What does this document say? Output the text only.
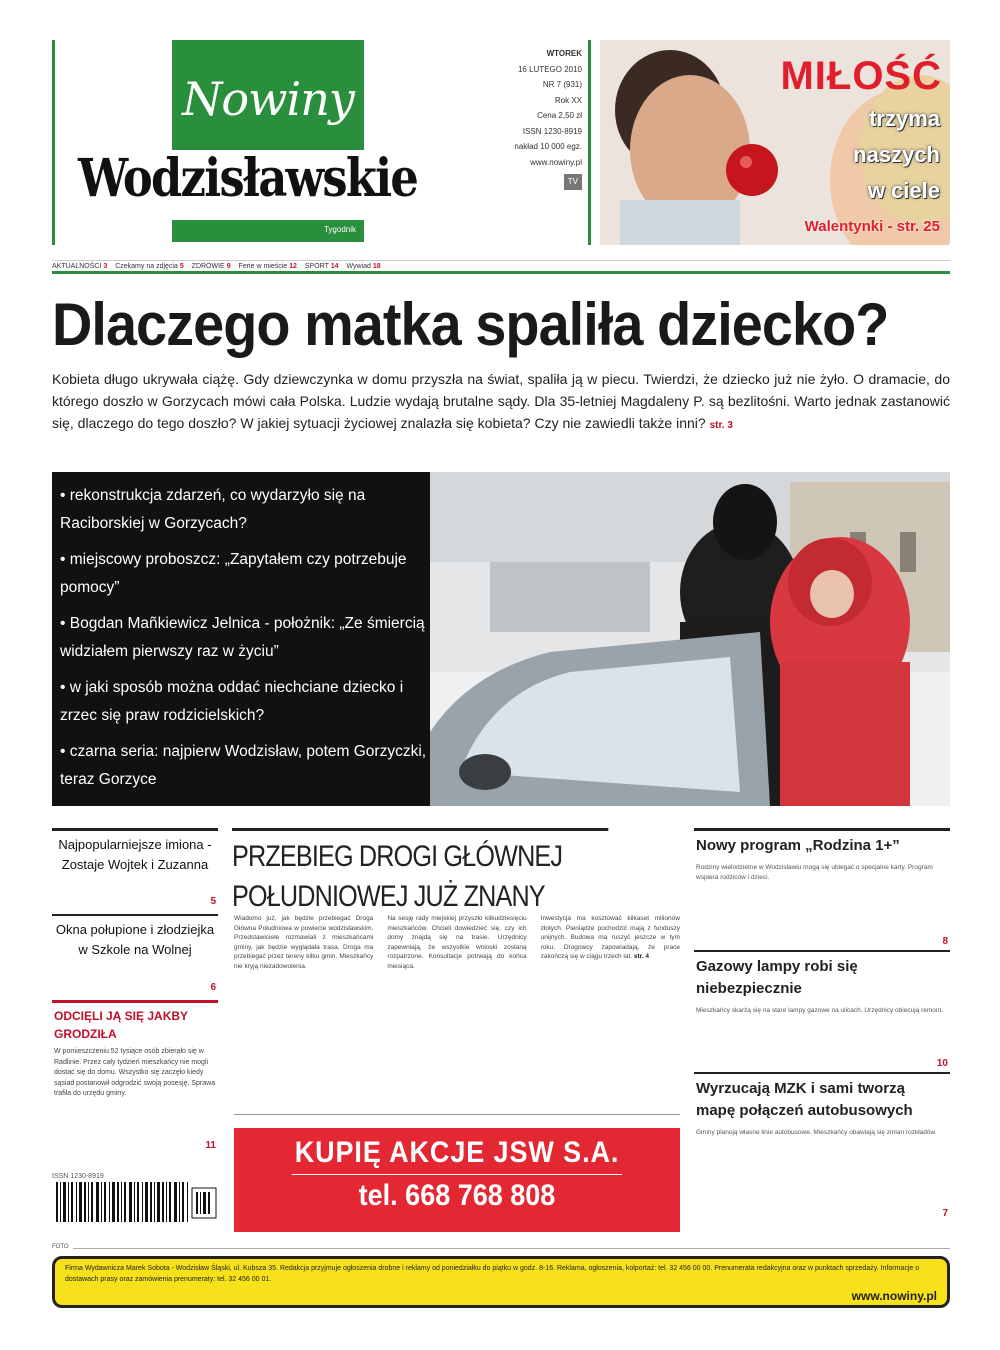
Nowiny
Wodzisławskie
Tygodnik
WTOREK
16 LUTEGO 2010
NR 7 (931)
Rok XX
Cena 2,50 zł
ISSN 1230-8919
nakład 10 000 egz.
www.nowiny.pl
TV
MIŁOŚĆ
trzyma
naszych
w ciele
Walentynki - str. 25
AKTUALNOŚCI 3 Czekamy na zdjęcia 5 ZDROWIE 9 Ferie w mieście 12 SPORT 14 Wywiad 18
Dlaczego matka spaliła dziecko?
Kobieta długo ukrywała ciążę. Gdy dziewczynka w domu przyszła na świat, spaliła ją w piecu. Twierdzi, że dziecko już nie żyło. O dramacie, do którego doszło w Gorzycach mówi cała Polska. Ludzie wydają brutalne sądy. Dla 35-letniej Magdaleny P. są bezlitośni. Warto jednak zastanowić się, dlaczego do tego doszło? W jakiej sytuacji życiowej znalazła się kobieta? Czy nie zawiedli także inni? str. 3
• rekonstrukcja zdarzeń, co wydarzyło się na Raciborskiej w Gorzycach?
• miejscowy proboszcz: „Zapytałem czy potrzebuje pomocy”
• Bogdan Mañkiewicz Jelnica - położnik: „Ze śmiercią widziałem pierwszy raz w życiu”
• w jaki sposób można oddać niechciane dziecko i zrzec się praw rodzicielskich?
• czarna seria: najpierw Wodzisław, potem Gorzyczki, teraz Gorzyce
Najpopularniejsze imiona - Zostaje Wojtek i Zuzanna
5
Okna połupione i złodziejka w Szkole na Wolnej
6
ODCIĘLI JĄ SIĘ JAKBY GRODZIŁA
W pomieszczeniu 52 tysiące osób zbierało się w Radlinie. Przez cały tydzień mieszkańcy nie mogli dostać się do domu. Wszystko się zaczęło kiedy sąsiad postanowił odgrodzić swoją posesję. Sprawa trafiła do urzędu gminy.
11
ISSN 1230-8919
PRZEBIEG DROGI GŁÓWNEJ
POŁUDNIOWEJ JUŻ ZNANY
Wiadomo już, jak będzie przebiegać Droga Główna Południowa w powiecie wodzisławskim. Przedstawiciele rozmawiali z mieszkańcami gminy, jak będzie wyglądała trasa. Droga ma przebiegać przez tereny kilku gmin. Mieszkańcy nie kryją niezadowolenia.
Na sesję rady miejskiej przyszło kilkudziesięciu mieszkańców. Chcieli dowiedzieć się, czy ich domy znajdą się na trasie. Urzędnicy zapewniają, że wszystkie wnioski zostaną rozpatrzone. Konsultacje potrwają do końca miesiąca.
Inwestycja ma kosztować kilkaset milionów złotych. Pieniądze pochodzić mają z funduszy unijnych. Budowa ma ruszyć jeszcze w tym roku. Drogowcy zapowiadają, że prace zakończą się w ciągu trzech lat. str. 4
KUPIĘ AKCJE JSW S.A.
tel. 668 768 808
Nowy program „Rodzina 1+”
Rodziny wielodzietne w Wodzisławiu mogą się ubiegać o specjalne karty. Program wspiera rodziców i dzieci.
8
Gazowy lampy robi się niebezpiecznie
Mieszkańcy skarżą się na stare lampy gazowe na ulicach. Urzędnicy obiecują remont.
10
Wyrzucają MZK i sami tworzą mapę połączeń autobusowych
Gminy planują własne linie autobusowe. Mieszkańcy obawiają się zmian rozkładów.
7
FOTO
Firma Wydawnicza Marek Sobota - Wodzisław Śląski, ul. Kubsza 35. Redakcja przyjmuje ogłoszenia drobne i reklamy od poniedziałku do piątku w godz. 8-16. Reklama, ogłoszenia, kolportaż: tel. 32 456 00 00. Prenumerata redakcyjna oraz w punktach sprzedaży. Informacje o dostawach prasy oraz zamówienia prenumeraty: tel. 32 456 00 01.
www.nowiny.pl
